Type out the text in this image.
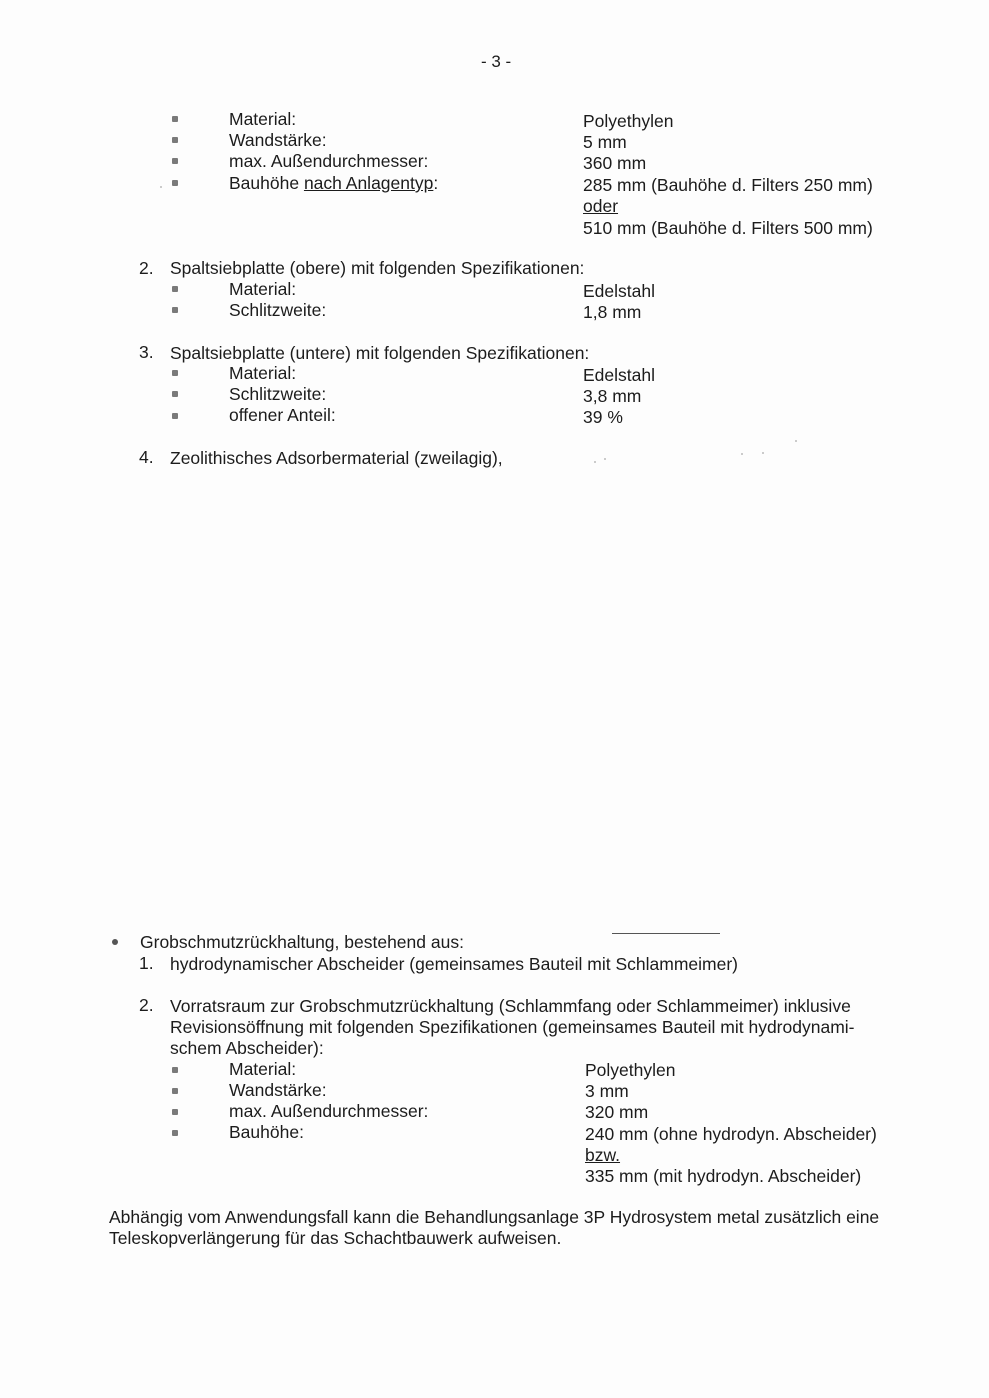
- 3 -
Material:	Polyethylen
Wandstärke:	5 mm
max. Außendurchmesser:	360 mm
Bauhöhe nach Anlagentyp:	285 mm (Bauhöhe d. Filters 250 mm)
oder
510 mm (Bauhöhe d. Filters 500 mm)
2. Spaltsiebplatte (obere) mit folgenden Spezifikationen:
Material:	Edelstahl
Schlitzweite:	1,8 mm
3. Spaltsiebplatte (untere) mit folgenden Spezifikationen:
Material:	Edelstahl
Schlitzweite:	3,8 mm
offener Anteil:	39 %
4. Zeolithisches Adsorbermaterial (zweilagig),
Grobschmutzrückhaltung, bestehend aus:
1. hydrodynamischer Abscheider (gemeinsames Bauteil mit Schlammeimer)
2. Vorratsraum zur Grobschmutzrückhaltung (Schlammfang oder Schlammeimer) inklusive Revisionsöffnung mit folgenden Spezifikationen (gemeinsames Bauteil mit hydrodynami-schem Abscheider):
Material:	Polyethylen
Wandstärke:	3 mm
max. Außendurchmesser:	320 mm
Bauhöhe:	240 mm (ohne hydrodyn. Abscheider)
bzw.
335 mm (mit hydrodyn. Abscheider)
Abhängig vom Anwendungsfall kann die Behandlungsanlage 3P Hydrosystem metal zusätzlich eine Teleskopverlängerung für das Schachtbauwerk aufweisen.
